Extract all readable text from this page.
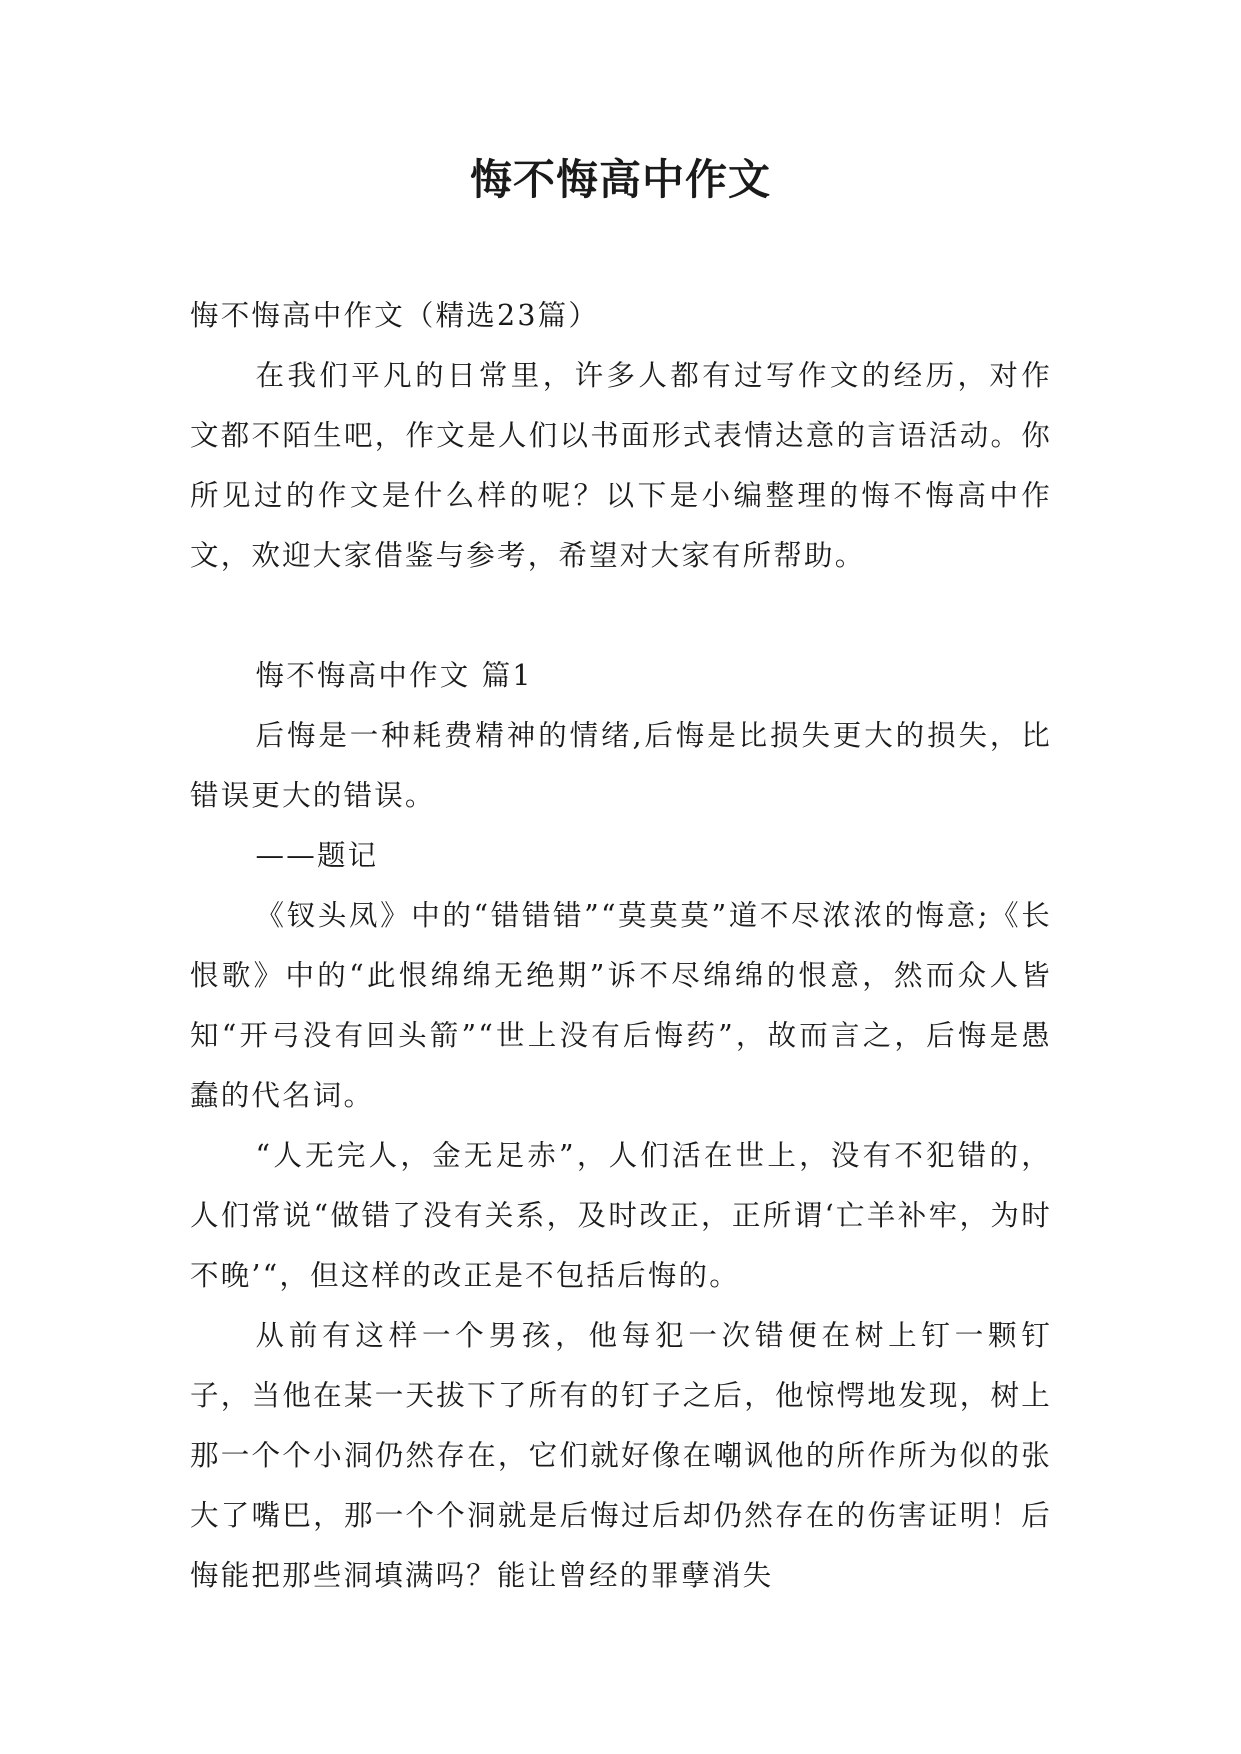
悔不悔高中作文

悔不悔高中作文（精选23篇）

在我们平凡的日常里，许多人都有过写作文的经历，对作文都不陌生吧，作文是人们以书面形式表情达意的言语活动。你所见过的作文是什么样的呢？以下是小编整理的悔不悔高中作文，欢迎大家借鉴与参考，希望对大家有所帮助。

悔不悔高中作文 篇1

后悔是一种耗费精神的情绪,后悔是比损失更大的损失，比错误更大的错误。

——题记

《钗头凤》中的“错错错”“莫莫莫”道不尽浓浓的悔意;《长恨歌》中的“此恨绵绵无绝期”诉不尽绵绵的恨意，然而众人皆知“开弓没有回头箭”“世上没有后悔药”，故而言之，后悔是愚蠢的代名词。

“人无完人，金无足赤”，人们活在世上，没有不犯错的，人们常说“做错了没有关系，及时改正，正所谓‘亡羊补牢，为时不晚’“，但这样的改正是不包括后悔的。

从前有这样一个男孩，他每犯一次错便在树上钉一颗钉子，当他在某一天拔下了所有的钉子之后，他惊愕地发现，树上那一个个小洞仍然存在，它们就好像在嘲讽他的所作所为似的张大了嘴巴，那一个个洞就是后悔过后却仍然存在的伤害证明！后悔能把那些洞填满吗？能让曾经的罪孽消失
